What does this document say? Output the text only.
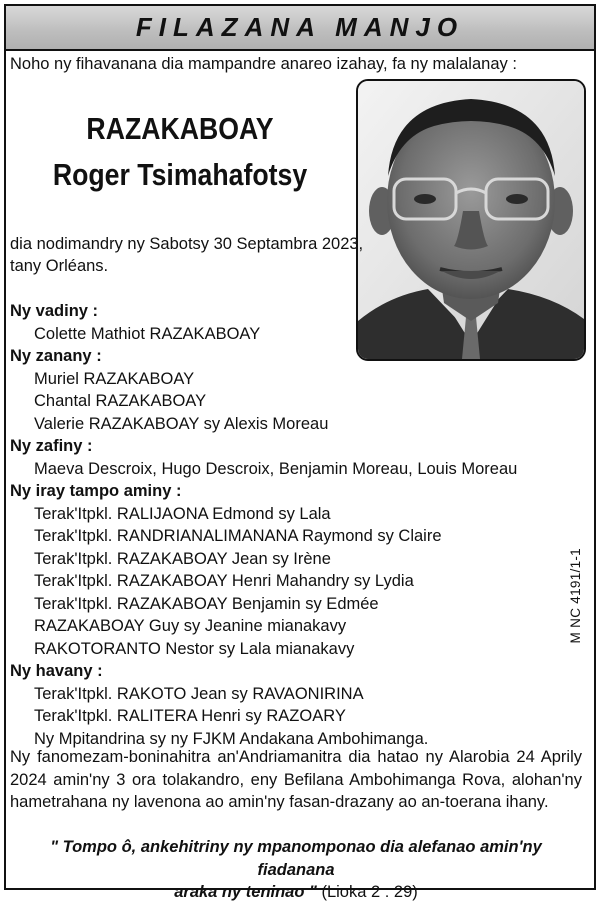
FILAZANA MANJO
Noho ny fihavanana dia mampandre anareo izahay, fa ny malalanay :
RAZAKABOAY
Roger Tsimahafotsy
dia nodimandry ny Sabotsy 30 Septambra 2023,
tany Orléans.

Ny vadiny :

Colette Mathiot RAZAKABOAY

Ny zanany :

Muriel RAZAKABOAY

Chantal RAZAKABOAY

Valerie RAZAKABOAY sy Alexis Moreau

Ny zafiny :

Maeva Descroix, Hugo Descroix, Benjamin Moreau, Louis Moreau

Ny iray tampo aminy :

Terak'Itpkl. RALIJAONA Edmond sy Lala

Terak'Itpkl. RANDRIANALIMANANA Raymond sy Claire

Terak'Itpkl. RAZAKABOAY Jean sy Irène

Terak'Itpkl. RAZAKABOAY Henri Mahandry sy Lydia

Terak'Itpkl. RAZAKABOAY Benjamin sy Edmée

RAZAKABOAY Guy sy Jeanine mianakavy

RAKOTORANTO Nestor sy Lala mianakavy

Ny havany :

Terak'Itpkl. RAKOTO Jean sy RAVAONIRINA

Terak'Itpkl. RALITERA Henri sy RAZOARY

Ny Mpitandrina sy ny FJKM Andakana Ambohimanga.

Ny fanomezam-boninahitra an'Andriamanitra dia hatao ny Alarobia 24 Aprily 2024 amin'ny 3 ora tolakandro, eny Befilana Ambohimanga Rova, alohan'ny hametrahana ny lavenona ao amin'ny fasan-drazany ao an-toerana ihany.
" Tompo ô, ankehitriny ny mpanomponao dia alefanao amin'ny fiadanana
araka ny teninao " (Lioka 2 : 29)
M NC 4191/1-1
